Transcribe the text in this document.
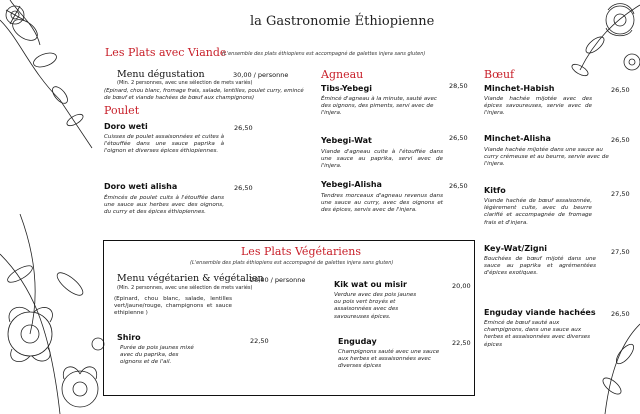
la Gastronomie Éthiopienne
Les Plats avec Viande
(L'ensemble des plats éthiopiens est accompagné de galettes injera sans gluten)
Menu dégustation	30,00 / personne
(Min. 2 personnes, avec une sélection de mets variés)
(Epinard, chou blanc, fromage frais, salade, lentilles, poulet curry, emincé de bœuf et viande hachées de bœuf aux champignons)
Poulet
Doro weti	26,50
Cuisses de poulet assaisonnées et cuites à l'étouffée dans une sauce paprika à l'oignon et diverses épices éthiopiennes.
Doro weti alisha	26,50
Émincés de poulet cuits à l'étouffée dans une sauce aux herbes avec des oignons, du curry et des épices éthiopiennes.
Agneau
Tibs-Yebegi	28,50
Émincé d'agneau à la minute, sauté avec des oignons, des piments, servi avec de l'injera.
Yebegi-Wat	26,50
Viande d'agneau cuite à l'étouffée dans une sauce au paprika, servi avec de l'injera.
Yebegi-Alisha	26,50
Tendres morceaux d'agneau revenus dans une sauce au curry, avec des oignons et des épices, servis avec de l'injera.
Bœuf
Minchet-Habish	26,50
Viande hachée mijotée avec des épices savoureuses, servie avec de l'injera.
Minchet-Alisha	26,50
Viande hachée mijotée dans une sauce au curry crémeuse et au beurre, servie avec de l'injera.
Kitfo	27,50
Viande hachée de bœuf assaisonnée, légèrement cuite, avec du beurre clarifié et accompagnée de fromage frais et d'injera.
Key-Wat/Zigni	27,50
Bouchées de bœuf mijoté dans une sauce au paprika et agrémentées d'épices exotiques.
Enguday viande hachées 26,50
Emincé de bœuf sauté aux champignons, dans une sauce aux herbes et assaisonnées avec diverses épices
Les Plats Végétariens
(L'ensemble des plats éthiopiens est accompagné de galettes injera sans gluten)
Menu végétarien & végétalien
28,00 / personne
(Min. 2 personnes, avec une sélection de mets variés)
(Epinard, chou blanc, salade, lentilles vert/jaune/rouge, champignons et sauce ethipienne )
Shiro	22,50
Purée de pois jaunes mixé avec du paprika, des oignons et de l'ail.
Kik wat ou misir	20,00
Verdure avec des pois jaunes ou pois vert broyés et assaisonnées avec des savoureuses épices.
Enguday	22,50
Champignons sauté avec une sauce aux herbes et assaisonnées avec diverses épices
